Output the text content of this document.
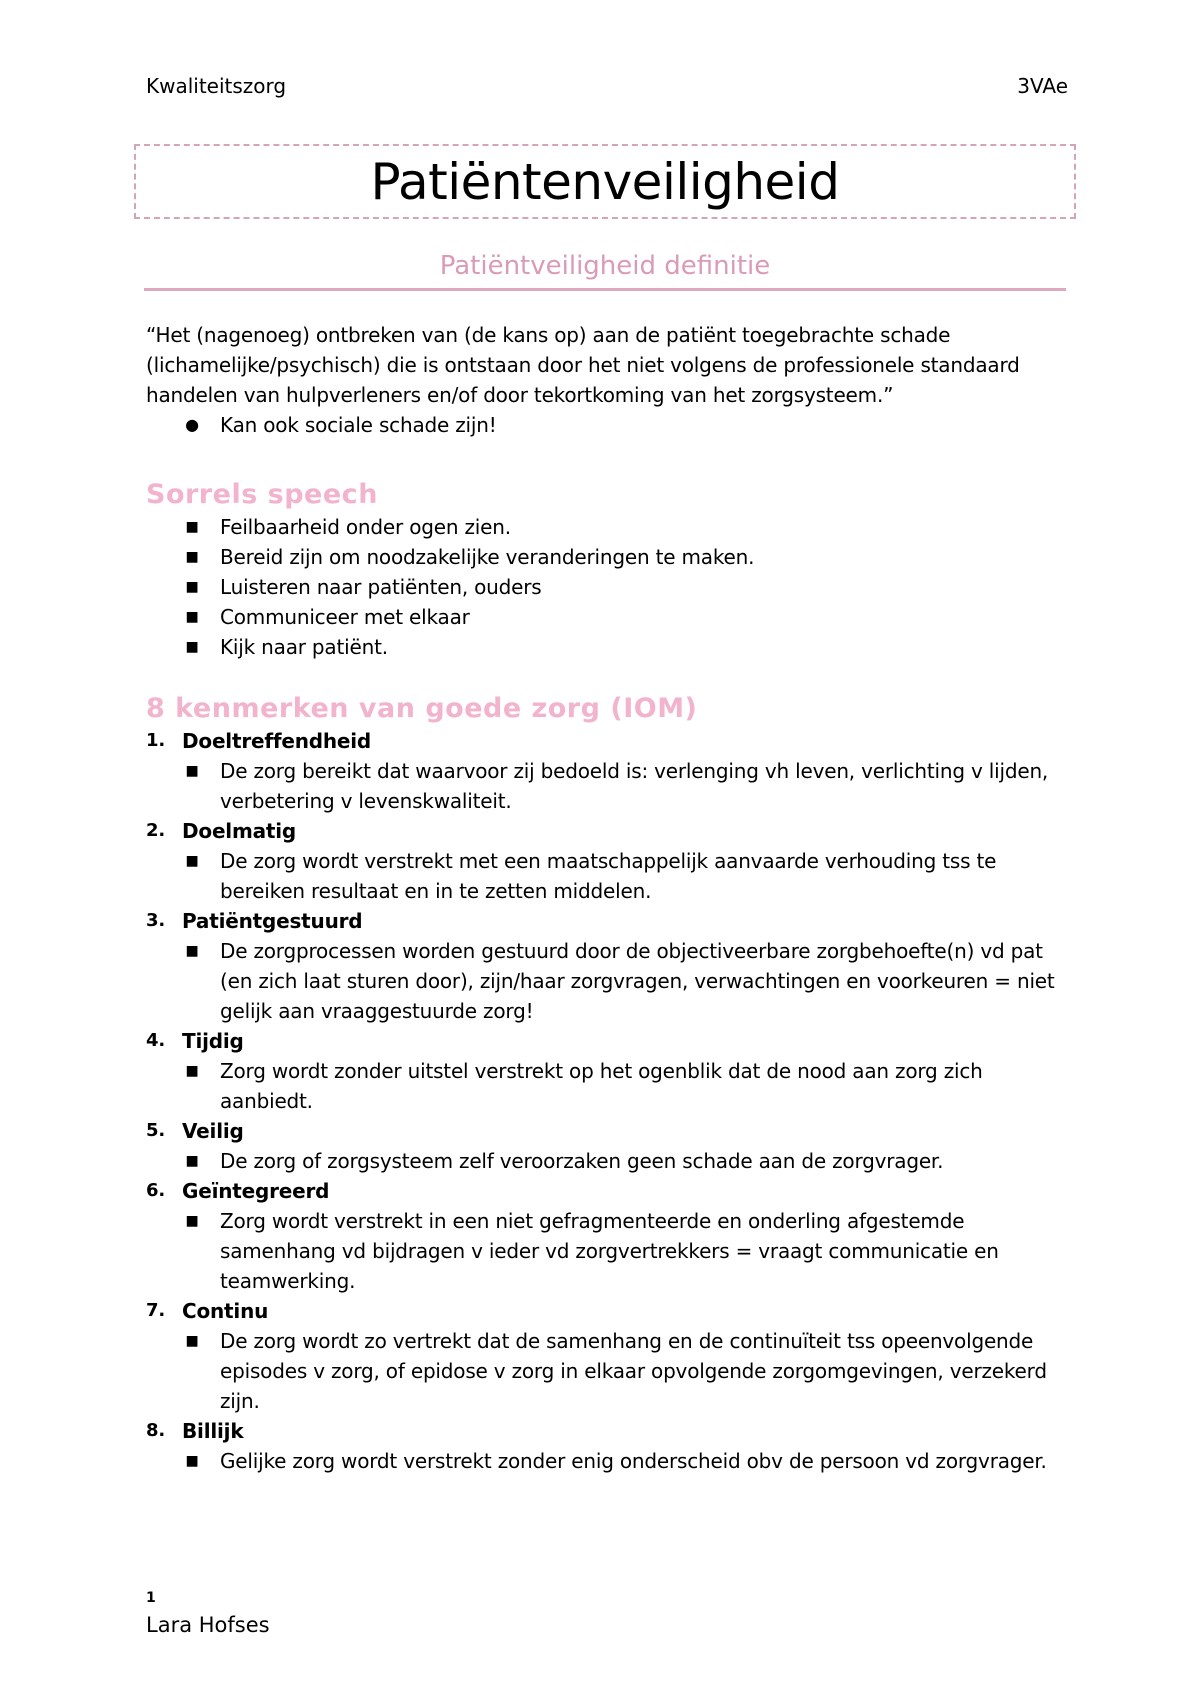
Kwaliteitszorg	3VAe
Patiëntenveiligheid
Patiëntveiligheid definitie

“Het (nagenoeg) ontbreken van (de kans op) aan de patiënt toegebrachte schade (lichamelijke/psychisch) die is ontstaan door het niet volgens de professionele standaard handelen van hulpverleners en/of door tekortkoming van het zorgsysteem.”

● Kan ook sociale schade zijn!
Sorrels speech
■ Feilbaarheid onder ogen zien.
■ Bereid zijn om noodzakelijke veranderingen te maken.
■ Luisteren naar patiënten, ouders
■ Communiceer met elkaar
■ Kijk naar patiënt.
8 kenmerken van goede zorg (IOM)
1. Doeltreffendheid
■ De zorg bereikt dat waarvoor zij bedoeld is: verlenging vh leven, verlichting v lijden, verbetering v levenskwaliteit.
2. Doelmatig
■ De zorg wordt verstrekt met een maatschappelijk aanvaarde verhouding tss te bereiken resultaat en in te zetten middelen.
3. Patiëntgestuurd
■ De zorgprocessen worden gestuurd door de objectiveerbare zorgbehoefte(n) vd pat (en zich laat sturen door), zijn/haar zorgvragen, verwachtingen en voorkeuren = niet gelijk aan vraaggestuurde zorg!
4. Tijdig
■ Zorg wordt zonder uitstel verstrekt op het ogenblik dat de nood aan zorg zich aanbiedt.
5. Veilig
■ De zorg of zorgsysteem zelf veroorzaken geen schade aan de zorgvrager.
6. Geïntegreerd
■ Zorg wordt verstrekt in een niet gefragmenteerde en onderling afgestemde samenhang vd bijdragen v ieder vd zorgvertrekkers = vraagt communicatie en teamwerking.
7. Continu
■ De zorg wordt zo vertrekt dat de samenhang en de continuïteit tss opeenvolgende episodes v zorg, of epidose v zorg in elkaar opvolgende zorgomgevingen, verzekerd zijn.
8. Billijk
■ Gelijke zorg wordt verstrekt zonder enig onderscheid obv de persoon vd zorgvrager.
1
Lara Hofses
